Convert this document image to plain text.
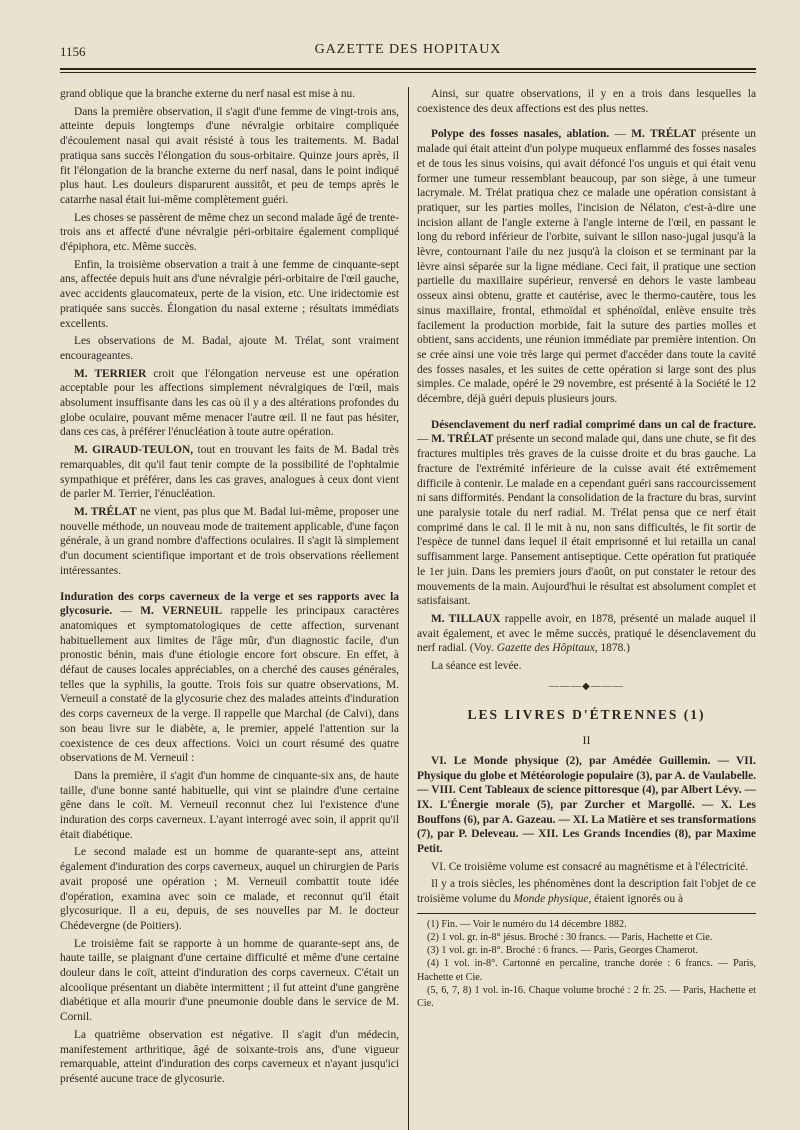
1156	GAZETTE DES HOPITAUX

grand oblique que la branche externe du nerf nasal est mise à nu.

Dans la première observation, il s'agit d'une femme de vingt-trois ans, atteinte depuis longtemps d'une névralgie orbitaire compliquée d'écoulement nasal qui avait résisté à tous les traitements. M. Badal pratiqua sans succès l'élongation du sous-orbitaire. Quinze jours après, il fit l'élongation de la branche externe du nerf nasal, dans le point indiqué plus haut. Les douleurs disparurent aussitôt, et peu de temps après le catarrhe nasal était lui-même complètement guéri.

Les choses se passèrent de même chez un second malade âgé de trente-trois ans et affecté d'une névralgie péri-orbitaire également compliqué d'épiphora, etc. Même succès.

Enfin, la troisième observation a trait à une femme de cinquante-sept ans, affectée depuis huit ans d'une névralgie péri-orbitaire de l'œil gauche, avec accidents glaucomateux, perte de la vision, etc. Une iridectomie est pratiquée sans succès. Élongation du nasal externe ; résultats immédiats excellents.

Les observations de M. Badal, ajoute M. Trélat, sont vraiment encourageantes.

M. TERRIER croit que l'élongation nerveuse est une opération acceptable pour les affections simplement névralgiques de l'œil, mais absolument insuffisante dans les cas où il y a des altérations profondes du globe oculaire, pouvant même menacer l'autre œil. Il ne faut pas hésiter, dans ces cas, à préférer l'énucléation à toute autre opération.

M. GIRAUD-TEULON, tout en trouvant les faits de M. Badal très remarquables, dit qu'il faut tenir compte de la possibilité de l'ophtalmie sympathique et préférer, dans les cas graves, analogues à ceux dont vient de parler M. Terrier, l'énucléation.

M. TRÉLAT ne vient, pas plus que M. Badal lui-même, proposer une nouvelle méthode, un nouveau mode de traitement applicable, d'une façon générale, à un grand nombre d'affections oculaires. Il s'agit là simplement d'un document scientifique important et de trois observations réellement intéressantes.

Induration des corps caverneux de la verge et ses rapports avec la glycosurie. — M. VERNEUIL rappelle les principaux caractères anatomiques et symptomatologiques de cette affection, survenant habituellement aux limites de l'âge mûr, d'un diagnostic facile, d'un pronostic bénin, mais d'une étiologie encore fort obscure. En effet, à défaut de causes locales appréciables, on a cherché des causes générales, telles que la syphilis, la goutte. Trois fois sur quatre observations, M. Verneuil a constaté de la glycosurie chez des malades atteints d'induration des corps caverneux de la verge. Il rappelle que Marchal (de Calvi), dans son beau livre sur le diabète, a, le premier, appelé l'attention sur la coexistence de ces deux affections. Voici un court résumé des quatre observations de M. Verneuil :

Dans la première, il s'agit d'un homme de cinquante-six ans, de haute taille, d'une bonne santé habituelle, qui vint se plaindre d'une certaine gêne dans le coït. M. Verneuil reconnut chez lui l'existence d'une induration des corps caverneux. L'ayant interrogé avec soin, il apprit qu'il était diabétique.

Le second malade est un homme de quarante-sept ans, atteint également d'induration des corps caverneux, auquel un chirurgien de Paris avait proposé une opération ; M. Verneuil combattit toute idée d'opération, examina avec soin ce malade, et reconnut qu'il était glycosurique. Il a eu, depuis, de ses nouvelles par M. le docteur Chédevergne (de Poitiers).

Le troisième fait se rapporte à un homme de quarante-sept ans, de haute taille, se plaignant d'une certaine difficulté et même d'une certaine douleur dans le coït, atteint d'induration des corps caverneux. C'était un alcoolique présentant un diabète intermittent ; il fut atteint d'une gangrène diabétique et alla mourir d'une pneumonie double dans le service de M. Cornil.

La quatrième observation est négative. Il s'agit d'un médecin, manifestement arthritique, âgé de soixante-trois ans, d'une vigueur remarquable, atteint d'induration des corps caverneux et n'ayant jusqu'ici présenté aucune trace de glycosurie.

Ainsi, sur quatre observations, il y en a trois dans lesquelles la coexistence des deux affections est des plus nettes.

Polype des fosses nasales, ablation. — M. TRÉLAT présente un malade qui était atteint d'un polype muqueux enflammé des fosses nasales et de tous les sinus voisins, qui avait défoncé l'os unguis et qui était venu former une tumeur ressemblant beaucoup, par son siège, à une tumeur lacrymale. M. Trélat pratiqua chez ce malade une opération consistant à pratiquer, sur les parties molles, l'incision de Nélaton, c'est-à-dire une incision allant de l'angle externe à l'angle interne de l'œil, en passant le long du rebord inférieur de l'orbite, suivant le sillon naso-jugal jusqu'à la lèvre, contournant l'aile du nez jusqu'à la cloison et se terminant par la lèvre ainsi séparée sur la ligne médiane. Ceci fait, il pratique une section partielle du maxillaire supérieur, renversé en dehors le vaste lambeau osseux ainsi obtenu, gratte et cautérise, avec le thermo-cautère, tous les sinus maxillaire, frontal, ethmoïdal et sphénoïdal, enlève ensuite très facilement la production morbide, fait la suture des parties molles et obtient, sans accidents, une réunion immédiate par première intention. On se crée ainsi une voie très large qui permet d'accéder dans toute la cavité des fosses nasales, et les suites de cette opération si large sont des plus simples. Ce malade, opéré le 29 novembre, est présenté à la Société le 12 décembre, déjà guéri depuis plusieurs jours.

Désenclavement du nerf radial comprimé dans un cal de fracture. — M. TRÉLAT présente un second malade qui, dans une chute, se fit des fractures multiples très graves de la cuisse droite et du bras gauche. La fracture de l'extrémité inférieure de la cuisse avait été extrêmement difficile à contenir. Le malade en a cependant guéri sans raccourcissement ni sans difformités. Pendant la consolidation de la fracture du bras, survint une paralysie totale du nerf radial. M. Trélat pensa que ce nerf était comprimé dans le cal. Il le mit à nu, non sans difficultés, le fit sortir de l'espèce de tunnel dans lequel il était emprisonné et lui retailla un canal suffisamment large. Pansement antiseptique. Cette opération fut pratiquée le 1er juin. Dans les premiers jours d'août, on put constater le retour des mouvements de la main. Aujourd'hui le résultat est absolument complet et satisfaisant.

M. TILLAUX rappelle avoir, en 1878, présenté un malade auquel il avait également, et avec le même succès, pratiqué le désenclavement du nerf radial. (Voy. Gazette des Hôpitaux, 1878.)

La séance est levée.

———◆———
LES LIVRES D'ÉTRENNES (1)
II

VI. Le Monde physique (2), par Amédée Guillemin. — VII. Physique du globe et Météorologie populaire (3), par A. de Vaulabelle. — VIII. Cent Tableaux de science pittoresque (4), par Albert Lévy. — IX. L'Énergie morale (5), par Zurcher et Margollé. — X. Les Bouffons (6), par A. Gazeau. — XI. La Matière et ses transformations (7), par P. Deleveau. — XII. Les Grands Incendies (8), par Maxime Petit.

VI. Ce troisième volume est consacré au magnétisme et à l'électricité.

Il y a trois siècles, les phénomènes dont la description fait l'objet de ce troisième volume du Monde physique, étaient ignorés ou à

(1) Fin. — Voir le numéro du 14 décembre 1882.

(2) 1 vol. gr. in-8° jésus. Broché : 30 francs. — Paris, Hachette et Cie.

(3) 1 vol. gr. in-8°. Broché : 6 francs. — Paris, Georges Chamerot.

(4) 1 vol. in-8°. Cartonné en percaline, tranche dorée : 6 francs. — Paris, Hachette et Cie.

(5, 6, 7, 8) 1 vol. in-16. Chaque volume broché : 2 fr. 25. — Paris, Hachette et Cie.
